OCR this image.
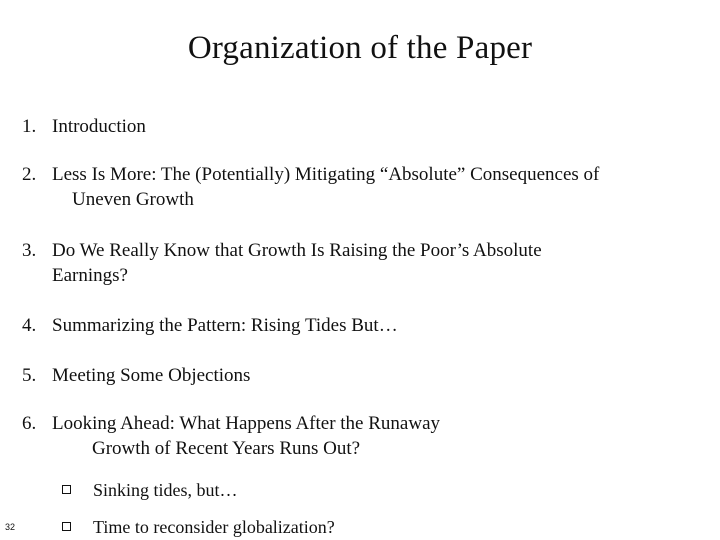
Organization of the Paper
1. Introduction
2. Less Is More: The (Potentially) Mitigating “Absolute” Consequences of
Uneven Growth
3. Do We Really Know that Growth Is Raising the Poor’s Absolute
Earnings?
4. Summarizing the Pattern: Rising Tides But…
5. Meeting Some Objections
6. Looking Ahead: What Happens After the Runaway
Growth of Recent Years Runs Out?
Sinking tides, but…
Time to reconsider globalization?
32
